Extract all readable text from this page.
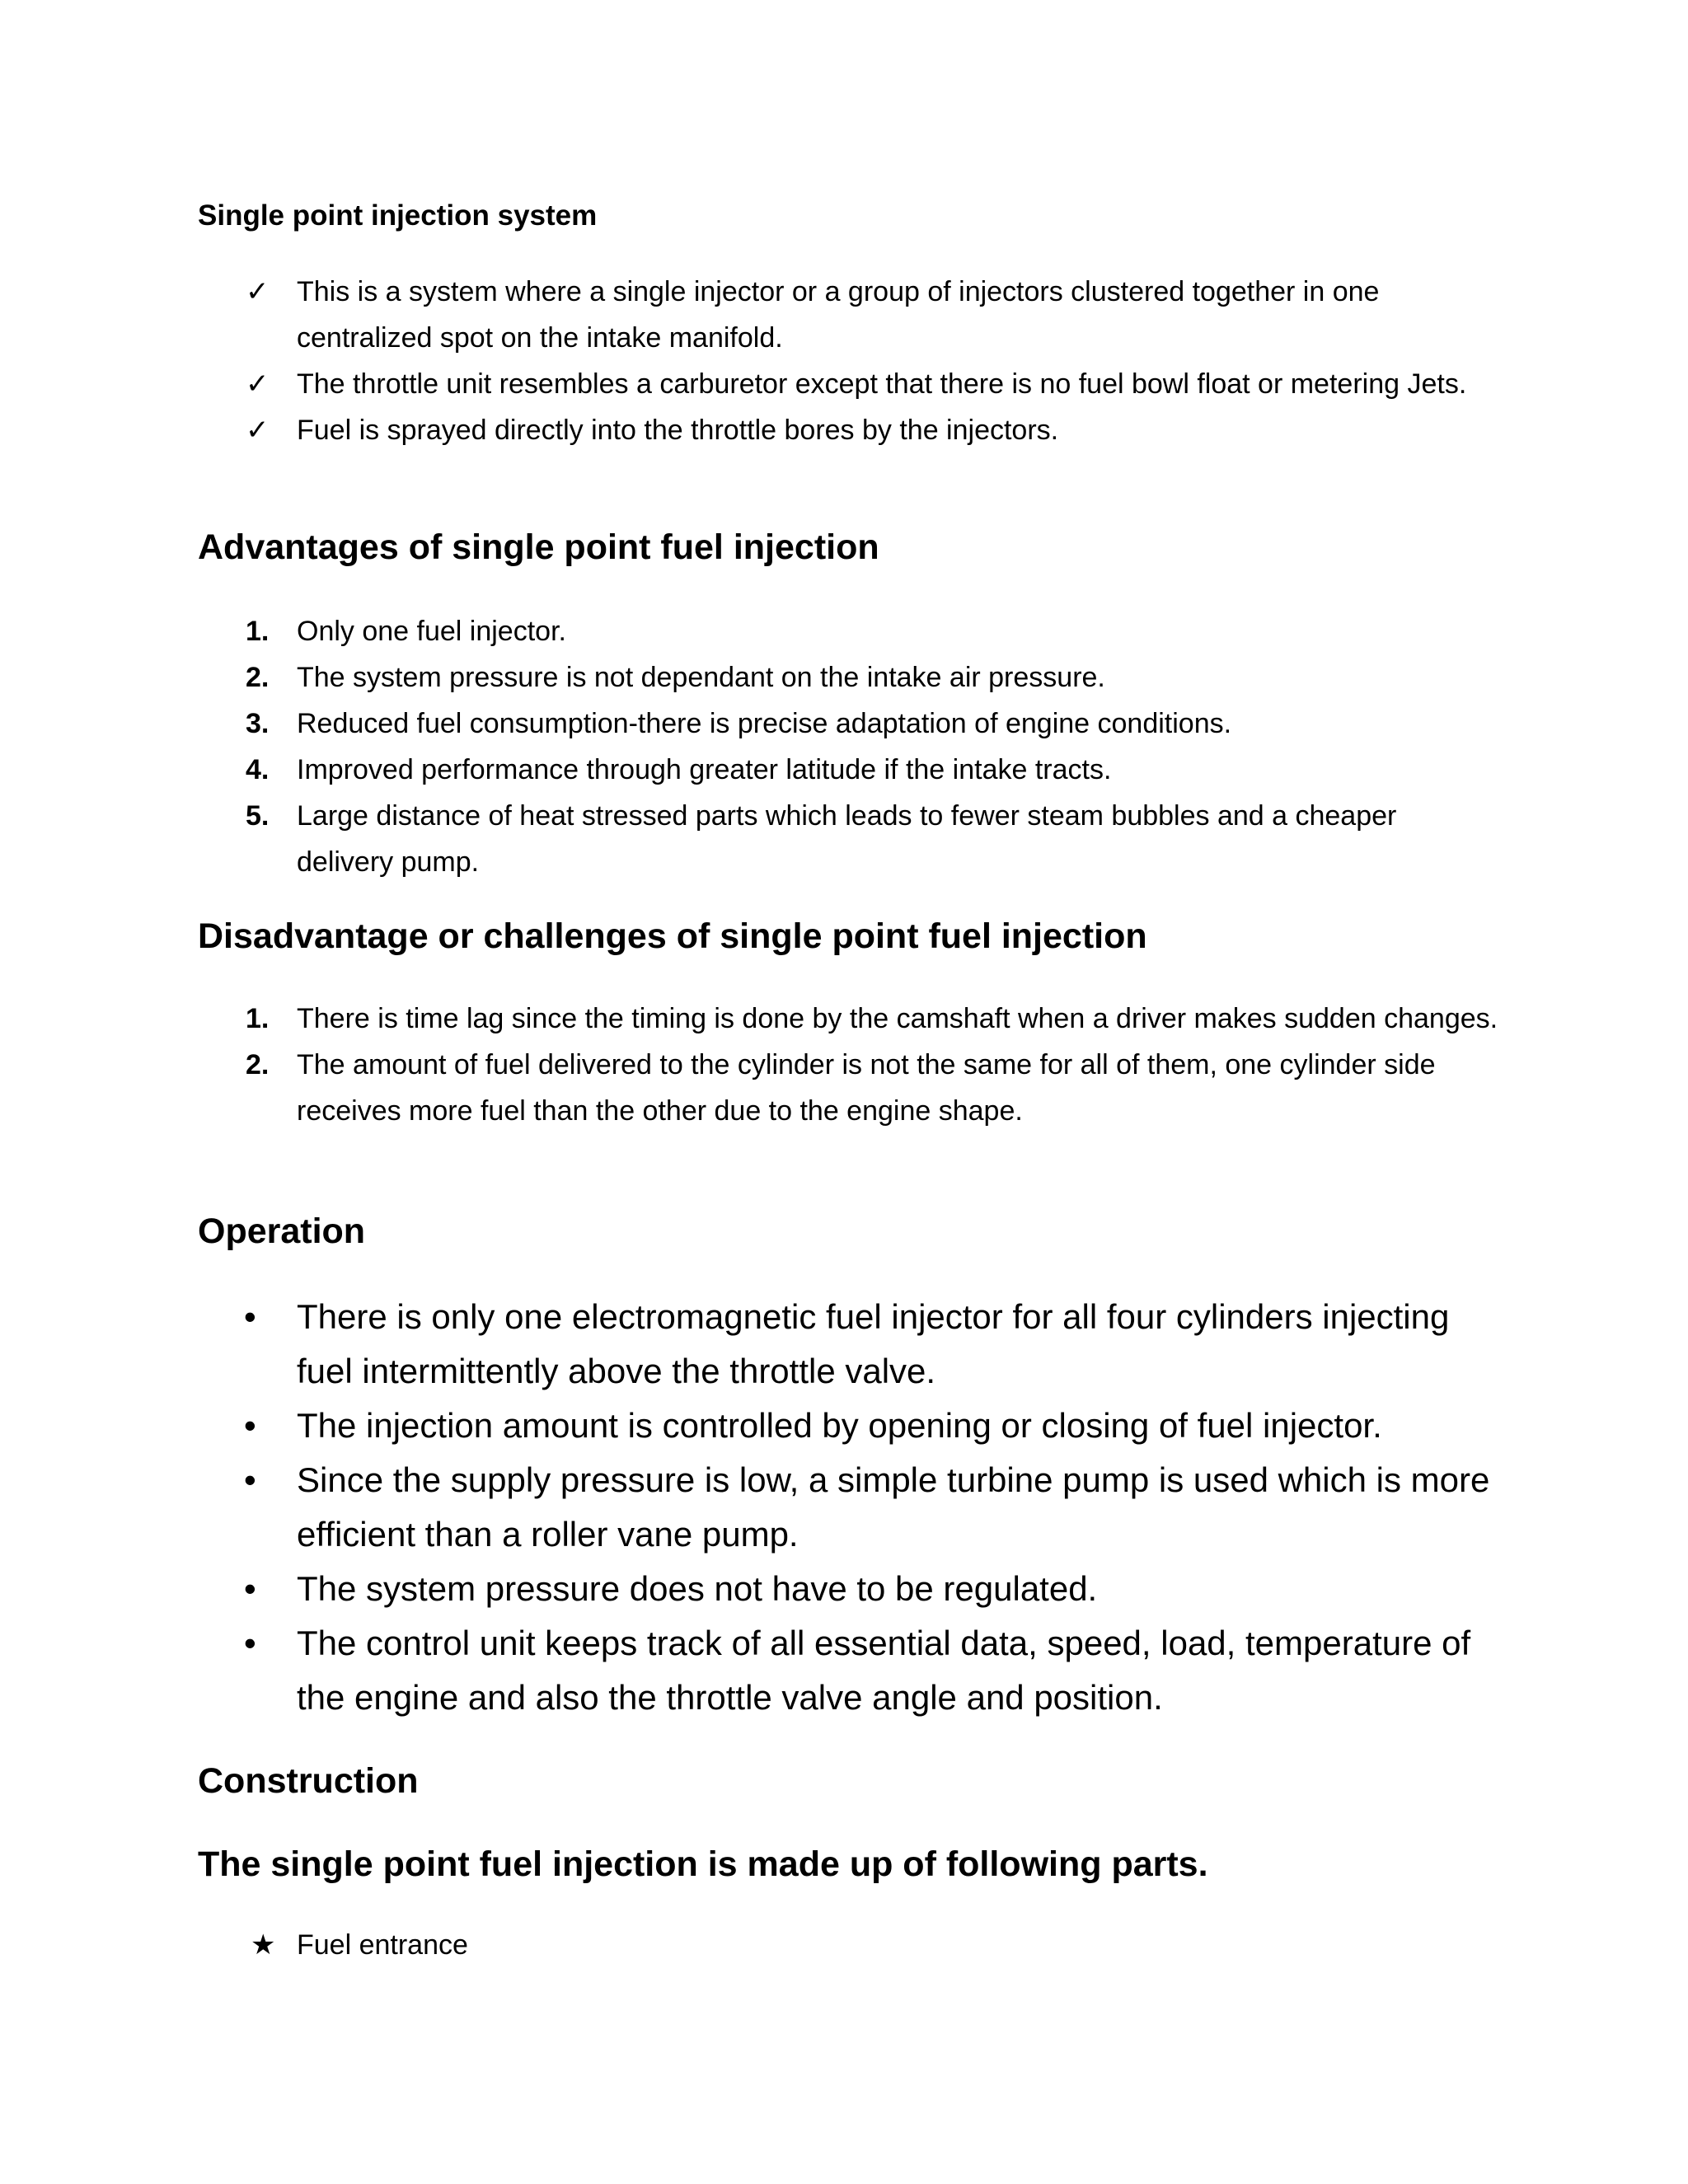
Single point injection system
✓ This is a system where a single injector or a group of injectors clustered together in one centralized spot on the intake manifold.
✓ The throttle unit resembles a carburetor except that there is no fuel bowl float or metering Jets.
✓ Fuel is sprayed directly into the throttle bores by the injectors.
Advantages of single point fuel injection
1. Only one fuel injector.
2. The system pressure is not dependant on the intake air pressure.
3. Reduced fuel consumption-there is precise adaptation of engine conditions.
4. Improved performance through greater latitude if the intake tracts.
5. Large distance of heat stressed parts which leads to fewer steam bubbles and a cheaper delivery pump.
Disadvantage or challenges of single point fuel injection
1. There is time lag since the timing is done by the camshaft when a driver makes sudden changes.
2. The amount of fuel delivered to the cylinder is not the same for all of them, one cylinder side receives more fuel than the other due to the engine shape.
Operation
• There is only one electromagnetic fuel injector for all four cylinders injecting fuel intermittently above the throttle valve.
• The injection amount is controlled by opening or closing of fuel injector.
• Since the supply pressure is low, a simple turbine pump is used which is more efficient than a roller vane pump.
• The system pressure does not have to be regulated.
• The control unit keeps track of all essential data, speed, load, temperature of the engine and also the throttle valve angle and position.
Construction
The single point fuel injection is made up of following parts.
★ Fuel entrance
